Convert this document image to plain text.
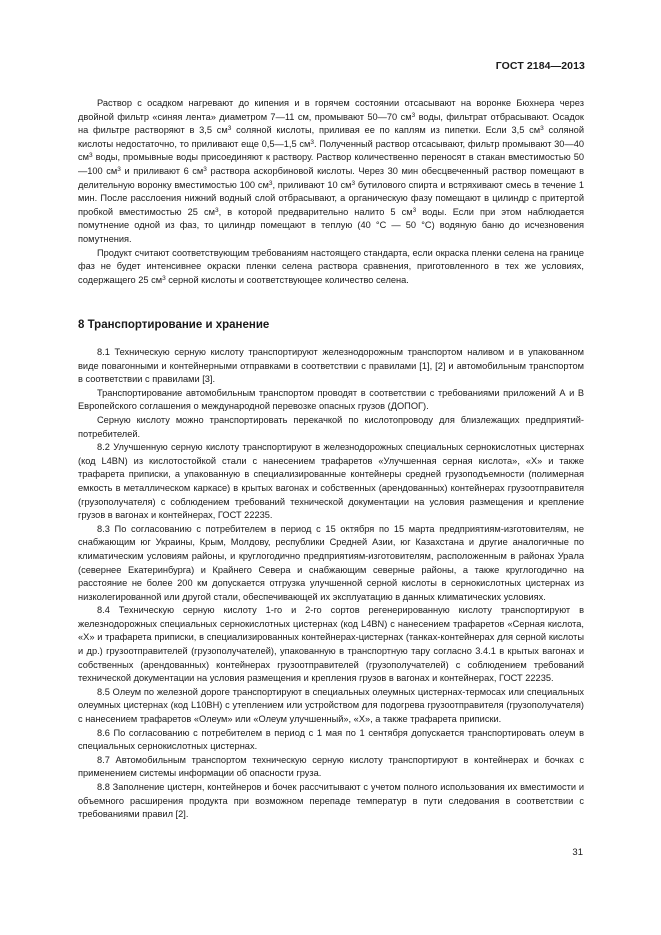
ГОСТ 2184—2013

Раствор с осадком нагревают до кипения и в горячем состоянии отсасывают на воронке Бюхнера через двойной фильтр «синяя лента» диаметром 7—11 см, промывают 50—70 $см^3$ воды, фильтрат отбрасывают. Осадок на фильтре растворяют в 3,5 $см^3$ соляной кислоты, приливая ее по каплям из пипетки. Если 3,5 $см^3$ соляной кислоты недостаточно, то приливают еще 0,5—1,5 $см^3$. Полученный раствор отсасывают, фильтр промывают 30—40 $см^3$ воды, промывные воды присоединяют к раствору. Раствор количественно переносят в стакан вместимостью 50—100 $см^3$ и приливают 6 $см^3$ раствора аскорбиновой кислоты. Через 30 мин обесцвеченный раствор помещают в делительную воронку вместимостью 100 $см^3$, приливают 10 $см^3$ бутилового спирта и встряхивают смесь в течение 1 мин. После расслоения нижний водный слой отбрасывают, а органическую фазу помещают в цилиндр с притертой пробкой вместимостью 25 $см^3$, в которой предварительно налито 5 $см^3$ воды. Если при этом наблюдается помутнение одной из фаз, то цилиндр помещают в теплую (40 °С — 50 °С) водяную баню до исчезновения помутнения.

Продукт считают соответствующим требованиям настоящего стандарта, если окраска пленки селена на границе фаз не будет интенсивнее окраски пленки селена раствора сравнения, приготовленного в тех же условиях, содержащего 25 $см^3$ серной кислоты и соответствующее количество селена.

8 Транспортирование и хранение

8.1 Техническую серную кислоту транспортируют железнодорожным транспортом наливом и в упакованном виде повагонными и контейнерными отправками в соответствии с правилами [1], [2] и автомобильным транспортом в соответствии с правилами [3].

Транспортирование автомобильным транспортом проводят в соответствии с требованиями приложений А и В Европейского соглашения о международной перевозке опасных грузов (ДОПОГ).

Серную кислоту можно транспортировать перекачкой по кислотопроводу для близлежащих предприятий-потребителей.

8.2 Улучшенную серную кислоту транспортируют в железнодорожных специальных сернокислотных цистернах (код L4BN) из кислотостойкой стали с нанесением трафаретов «Улучшенная серная кислота», «Х» и также трафарета приписки, а упакованную в специализированные контейнеры средней грузоподъемности (полимерная емкость в металлическом каркасе) в крытых вагонах и собственных (арендованных) контейнерах грузоотправителя (грузополучателя) с соблюдением требований технической документации на условия размещения и крепление грузов в вагонах и контейнерах, ГОСТ 22235.

8.3 По согласованию с потребителем в период с 15 октября по 15 марта предприятиям-изготовителям, не снабжающим юг Украины, Крым, Молдову, республики Средней Азии, юг Казахстана и другие аналогичные по климатическим условиям районы, и круглогодично предприятиям-изготовителям, расположенным в районах Урала (севернее Екатеринбурга) и Крайнего Севера и снабжающим северные районы, а также круглогодично на расстояние не более 200 км допускается отгрузка улучшенной серной кислоты в сернокислотных цистернах из низколегированной или другой стали, обеспечивающей их эксплуатацию в данных климатических условиях.

8.4 Техническую серную кислоту 1-го и 2-го сортов регенерированную кислоту транспортируют в железнодорожных специальных сернокислотных цистернах (код L4BN) с нанесением трафаретов «Серная кислота, «Х» и трафарета приписки, в специализированных контейнерах-цистернах (танках-контейнерах для серной кислоты и др.) грузоотправителей (грузополучателей), упакованную в транспортную тару согласно 3.4.1 в крытых вагонах и собственных (арендованных) контейнерах грузоотправителей (грузополучателей) с соблюдением требований технической документации на условия размещения и крепления грузов в вагонах и контейнерах, ГОСТ 22235.

8.5 Олеум по железной дороге транспортируют в специальных олеумных цистернах-термосах или специальных олеумных цистернах (код L10BH) с утеплением или устройством для подогрева грузоотправителя (грузополучателя) с нанесением трафаретов «Олеум» или «Олеум улучшенный», «Х», а также трафарета приписки.

8.6 По согласованию с потребителем в период с 1 мая по 1 сентября допускается транспортировать олеум в специальных сернокислотных цистернах.

8.7 Автомобильным транспортом техническую серную кислоту транспортируют в контейнерах и бочках с применением системы информации об опасности груза.

8.8 Заполнение цистерн, контейнеров и бочек рассчитывают с учетом полного использования их вместимости и объемного расширения продукта при возможном перепаде температур в пути следования в соответствии с требованиями правил [2].

31
